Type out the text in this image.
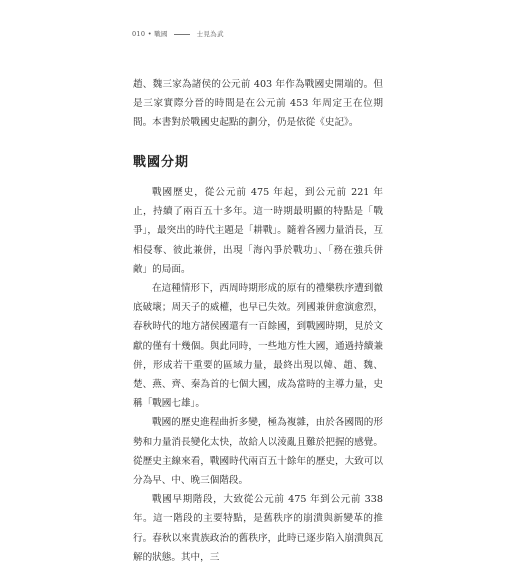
010 • 戰國	士見為武

趙、魏三家為諸侯的公元前 403 年作為戰國史開端的。但是三家實際分晉的時間是在公元前 453 年周定王在位期間。本書對於戰國史起點的劃分，仍是依從《史記》。

戰國分期

戰國歷史，從公元前 475 年起，到公元前 221 年止，持續了兩百五十多年。這一時期最明顯的特點是「戰爭」，最突出的時代主題是「耕戰」。隨着各國力量消長，互相侵奪、彼此兼併，出現「海內爭於戰功」、「務在強兵併敵」的局面。

在這種情形下，西周時期形成的原有的禮樂秩序遭到徹底破壞；周天子的威權，也早已失效。列國兼併愈演愈烈，春秋時代的地方諸侯國還有一百餘國，到戰國時期，見於文獻的僅有十幾個。與此同時，一些地方性大國，通過持續兼併，形成若干重要的區域力量，最終出現以韓、趙、魏、楚、燕、齊、秦為首的七個大國，成為當時的主導力量，史稱「戰國七雄」。

戰國的歷史進程曲折多變，極為複雜，由於各國間的形勢和力量消長變化太快，故給人以淩亂且難於把握的感覺。從歷史主線來看，戰國時代兩百五十餘年的歷史，大致可以分為早、中、晚三個階段。

戰國早期階段，大致從公元前 475 年到公元前 338 年。這一階段的主要特點，是舊秩序的崩潰與新變革的推行。春秋以來貴族政治的舊秩序，此時已逐步陷入崩潰與瓦解的狀態。其中，三
